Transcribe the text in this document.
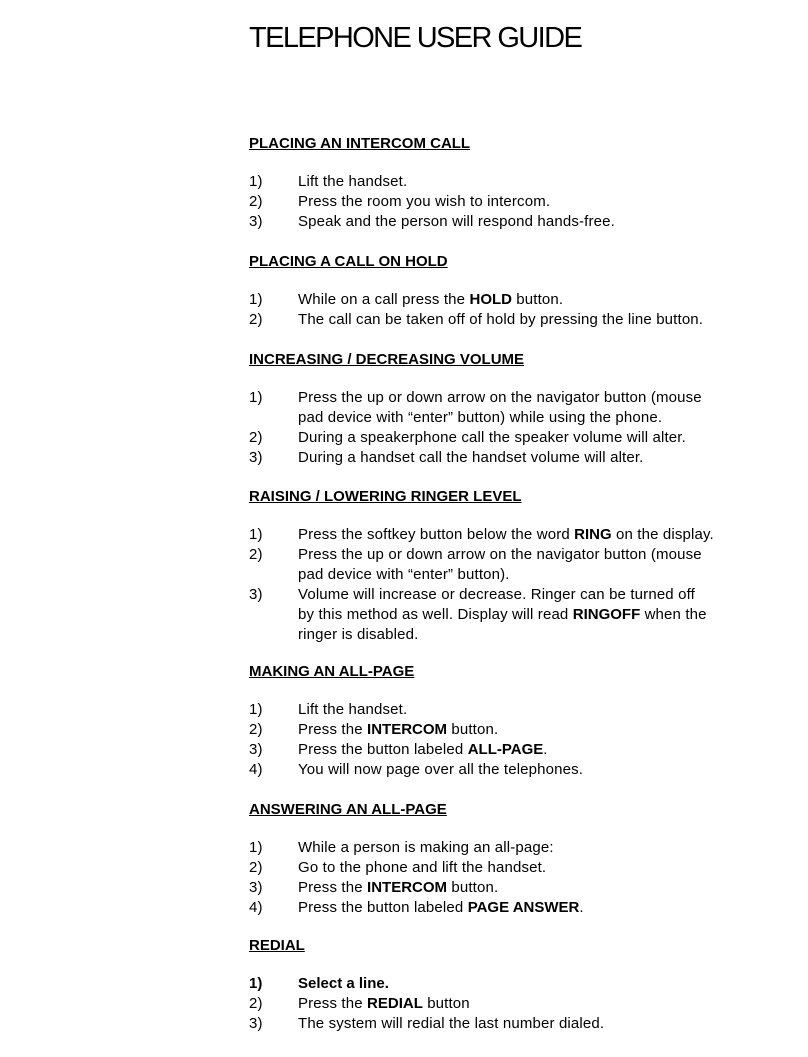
TELEPHONE USER GUIDE
PLACING AN INTERCOM CALL
1) Lift the handset.
2) Press the room you wish to intercom.
3) Speak and the person will respond hands-free.
PLACING A CALL ON HOLD
1) While on a call press the HOLD button.
2) The call can be taken off of hold by pressing the line button.
INCREASING / DECREASING VOLUME
1) Press the up or down arrow on the navigator button (mouse
pad device with “enter” button) while using the phone.
2) During a speakerphone call the speaker volume will alter.
3) During a handset call the handset volume will alter.
RAISING / LOWERING RINGER LEVEL
1) Press the softkey button below the word RING on the display.
2) Press the up or down arrow on the navigator button (mouse
pad device with “enter” button).
3) Volume will increase or decrease. Ringer can be turned off
by this method as well. Display will read RINGOFF when the
ringer is disabled.
MAKING AN ALL-PAGE
1) Lift the handset.
2) Press the INTERCOM button.
3) Press the button labeled ALL-PAGE.
4) You will now page over all the telephones.
ANSWERING AN ALL-PAGE
1) While a person is making an all-page:
2) Go to the phone and lift the handset.
3) Press the INTERCOM button.
4) Press the button labeled PAGE ANSWER.
REDIAL
1) Select a line.
2) Press the REDIAL button
3) The system will redial the last number dialed.
